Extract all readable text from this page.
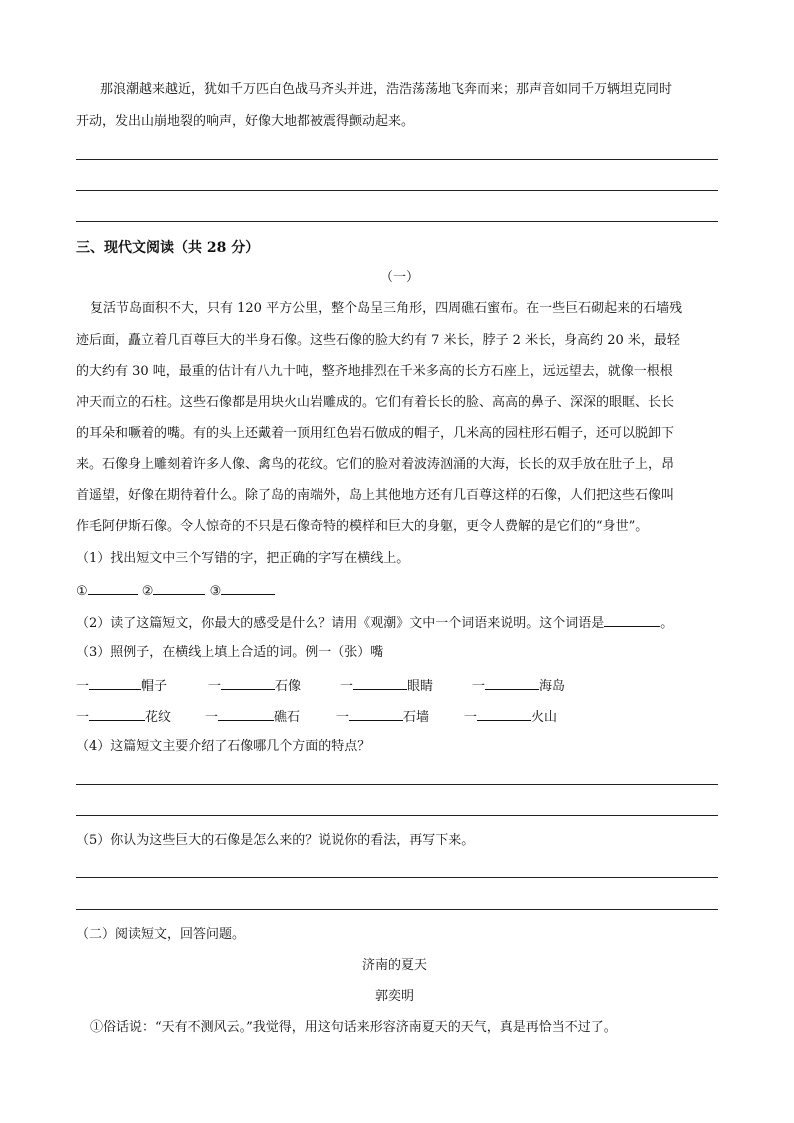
那浪潮越来越近，犹如千万匹白色战马齐头并进，浩浩荡荡地飞奔而来；那声音如同千万辆坦克同时
开动，发出山崩地裂的响声，好像大地都被震得颤动起来。
三、现代文阅读（共 28 分）
（一）
复活节岛面积不大，只有 120 平方公里，整个岛呈三角形，四周礁石蜜布。在一些巨石砌起来的石墙残
迹后面，矗立着几百尊巨大的半身石像。这些石像的脸大约有 7 米长，脖子 2 米长，身高约 20 米，最轻
的大约有 30 吨，最重的估计有八九十吨，整齐地排烈在千米多高的长方石座上，远远望去，就像一根根
冲天而立的石柱。这些石像都是用块火山岩雕成的。它们有着长长的脸、高高的鼻子、深深的眼眶、长长
的耳朵和噘着的嘴。有的头上还戴着一顶用红色岩石倣成的帽子，几米高的园柱形石帽子，还可以脱卸下
来。石像身上雕刻着许多人像、禽鸟的花纹。它们的脸对着波涛汹涌的大海，长长的双手放在肚子上，昂
首遥望，好像在期待着什么。除了岛的南端外，岛上其他地方还有几百尊这样的石像，人们把这些石像叫
作毛阿伊斯石像。令人惊奇的不只是石像奇特的模样和巨大的身躯，更令人费解的是它们的“身世”。
（1）找出短文中三个写错的字，把正确的字写在横线上。
①	②	③
（2）读了这篇短文，你最大的感受是什么？请用《观潮》文中一个词语来说明。这个词语是	。
（3）照例子，在横线上填上合适的词。例一（张）嘴
一	帽子	一	石像	一	眼睛	一	海岛
一	花纹	一	礁石	一	石墙	一	火山
（4）这篇短文主要介绍了石像哪几个方面的特点？
（5）你认为这些巨大的石像是怎么来的？说说你的看法，再写下来。
（二）阅读短文，回答问题。
济南的夏天
郭奕明
①俗话说：“天有不测风云。”我觉得，用这句话来形容济南夏天的天气，真是再恰当不过了。
